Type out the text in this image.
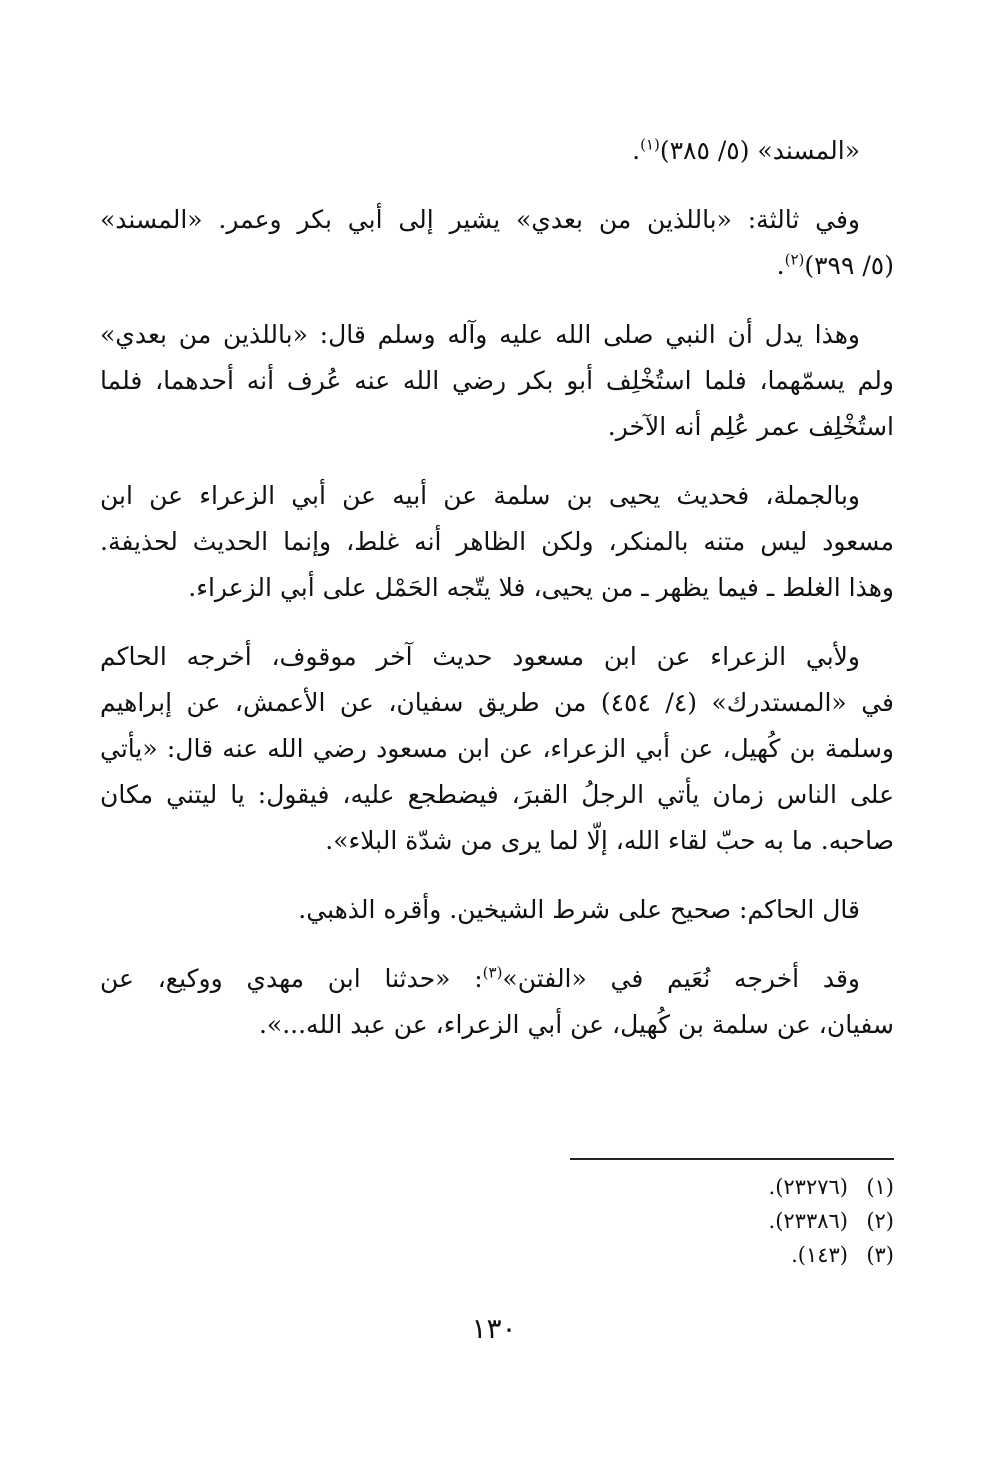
«المسند» (٥/ ٣٨٥)$^{(١)}$.

وفي ثالثة: «باللذين من بعدي» يشير إلى أبي بكر وعمر. «المسند»

(٥/ ٣٩٩)$^{(٢)}$.

وهذا يدل أن النبي صلى الله عليه وآله وسلم قال: «باللذين من بعدي»

ولم يسمّهما، فلما استُخْلِف أبو بكر رضي الله عنه عُرف أنه أحدهما، فلما

استُخْلِف عمر عُلِم أنه الآخر.

وبالجملة، فحديث يحيى بن سلمة عن أبيه عن أبي الزعراء عن ابن

مسعود ليس متنه بالمنكر، ولكن الظاهر أنه غلط، وإنما الحديث لحذيفة.

وهذا الغلط ـ فيما يظهر ـ من يحيى، فلا يتّجه الحَمْل على أبي الزعراء.

ولأبي الزعراء عن ابن مسعود حديث آخر موقوف، أخرجه الحاكم

في «المستدرك» (٤/ ٤٥٤) من طريق سفيان، عن الأعمش، عن إبراهيم

وسلمة بن كُهيل، عن أبي الزعراء، عن ابن مسعود رضي الله عنه قال: «يأتي

على الناس زمان يأتي الرجلُ القبرَ، فيضطجع عليه، فيقول: يا ليتني مكان

صاحبه. ما به حبّ لقاء الله، إلّا لما يرى من شدّة البلاء».

قال الحاكم: صحيح على شرط الشيخين. وأقره الذهبي.

وقد أخرجه نُعَيم في «الفتن»$^{(٣)}$: «حدثنا ابن مهدي ووكيع، عن

سفيان، عن سلمة بن كُهيل، عن أبي الزعراء، عن عبد الله...».

(١)(٢٣٢٧٦).
(٢)(٢٣٣٨٦).
(٣)(١٤٣).
١٣٠
